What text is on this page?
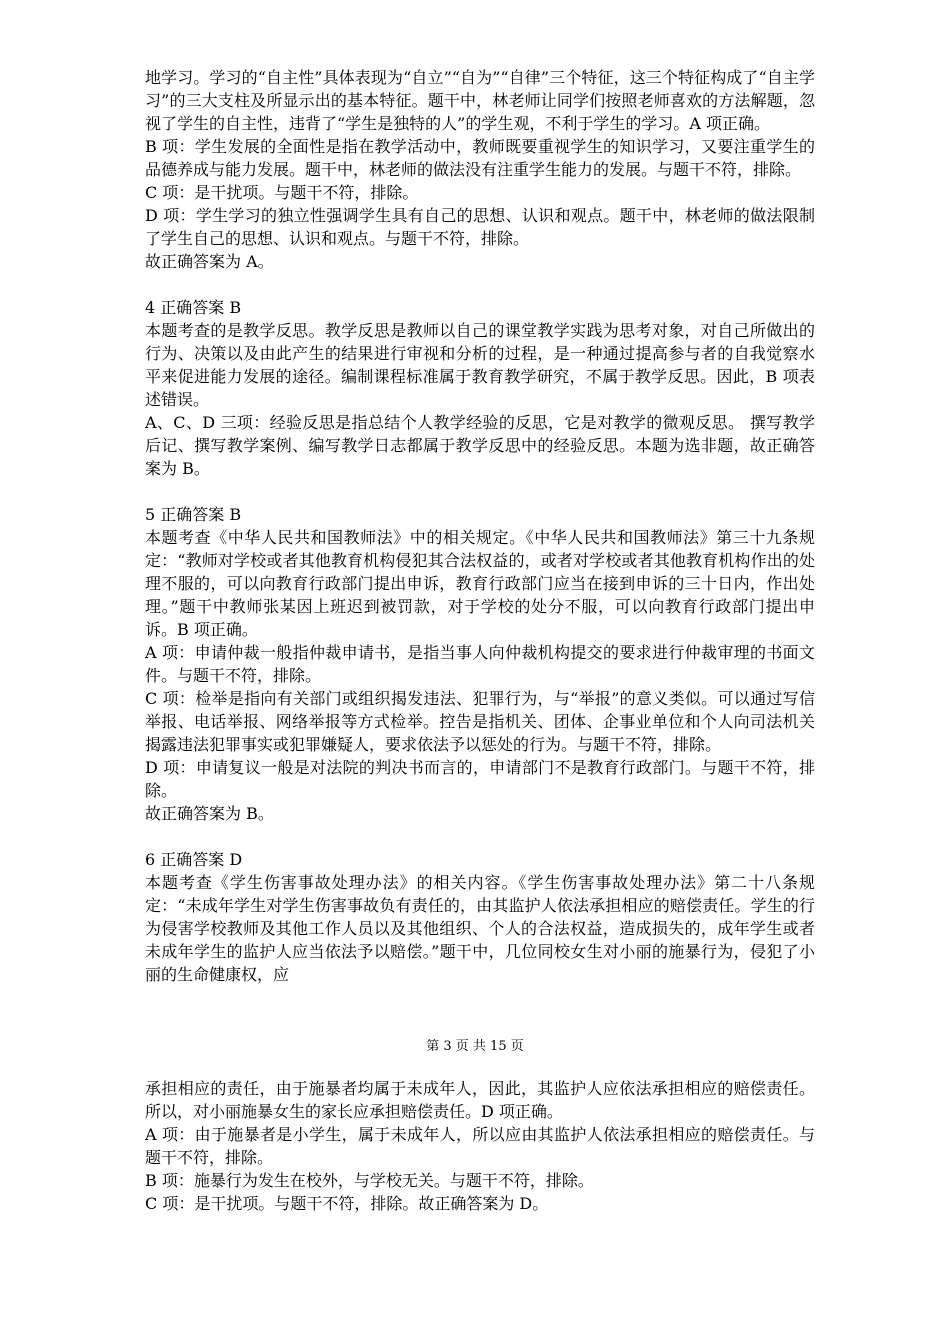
地学习。学习的“自主性”具体表现为“自立”“自为”“自律”三个特征，这三个特征构成了“自主学习”的三大支柱及所显示出的基本特征。题干中，林老师让同学们按照老师喜欢的方法解题，忽视了学生的自主性，违背了“学生是独特的人”的学生观，不利于学生的学习。A 项正确。

B 项：学生发展的全面性是指在教学活动中，教师既要重视学生的知识学习，又要注重学生的品德养成与能力发展。题干中，林老师的做法没有注重学生能力的发展。与题干不符，排除。

C 项：是干扰项。与题干不符，排除。

D 项：学生学习的独立性强调学生具有自己的思想、认识和观点。题干中，林老师的做法限制了学生自己的思想、认识和观点。与题干不符，排除。

故正确答案为 A。

4 正确答案 B

本题考查的是教学反思。教学反思是教师以自己的课堂教学实践为思考对象，对自己所做出的行为、决策以及由此产生的结果进行审视和分析的过程，是一种通过提高参与者的自我觉察水平来促进能力发展的途径。编制课程标准属于教育教学研究，不属于教学反思。因此，B 项表述错误。

A、C、D 三项：经验反思是指总结个人教学经验的反思，它是对教学的微观反思。 撰写教学后记、撰写教学案例、编写教学日志都属于教学反思中的经验反思。本题为选非题，故正确答案为 B。

5 正确答案 B

本题考查《中华人民共和国教师法》中的相关规定。《中华人民共和国教师法》第三十九条规定：“教师对学校或者其他教育机构侵犯其合法权益的，或者对学校或者其他教育机构作出的处理不服的，可以向教育行政部门提出申诉，教育行政部门应当在接到申诉的三十日内，作出处理。”题干中教师张某因上班迟到被罚款，对于学校的处分不服，可以向教育行政部门提出申诉。B 项正确。

A 项：申请仲裁一般指仲裁申请书，是指当事人向仲裁机构提交的要求进行仲裁审理的书面文件。与题干不符，排除。

C 项：检举是指向有关部门或组织揭发违法、犯罪行为，与“举报”的意义类似。可以通过写信举报、电话举报、网络举报等方式检举。控告是指机关、团体、企事业单位和个人向司法机关揭露违法犯罪事实或犯罪嫌疑人，要求依法予以惩处的行为。与题干不符，排除。

D 项：申请复议一般是对法院的判决书而言的，申请部门不是教育行政部门。与题干不符，排除。

故正确答案为 B。

6 正确答案 D

本题考查《学生伤害事故处理办法》的相关内容。《学生伤害事故处理办法》第二十八条规定：“未成年学生对学生伤害事故负有责任的，由其监护人依法承担相应的赔偿责任。学生的行为侵害学校教师及其他工作人员以及其他组织、个人的合法权益，造成损失的，成年学生或者未成年学生的监护人应当依法予以赔偿。”题干中，几位同校女生对小丽的施暴行为，侵犯了小丽的生命健康权，应

第 3 页 共 15 页

承担相应的责任，由于施暴者均属于未成年人，因此，其监护人应依法承担相应的赔偿责任。所以，对小丽施暴女生的家长应承担赔偿责任。D 项正确。

A 项：由于施暴者是小学生，属于未成年人，所以应由其监护人依法承担相应的赔偿责任。与题干不符，排除。

B 项：施暴行为发生在校外，与学校无关。与题干不符，排除。

C 项：是干扰项。与题干不符，排除。故正确答案为 D。
